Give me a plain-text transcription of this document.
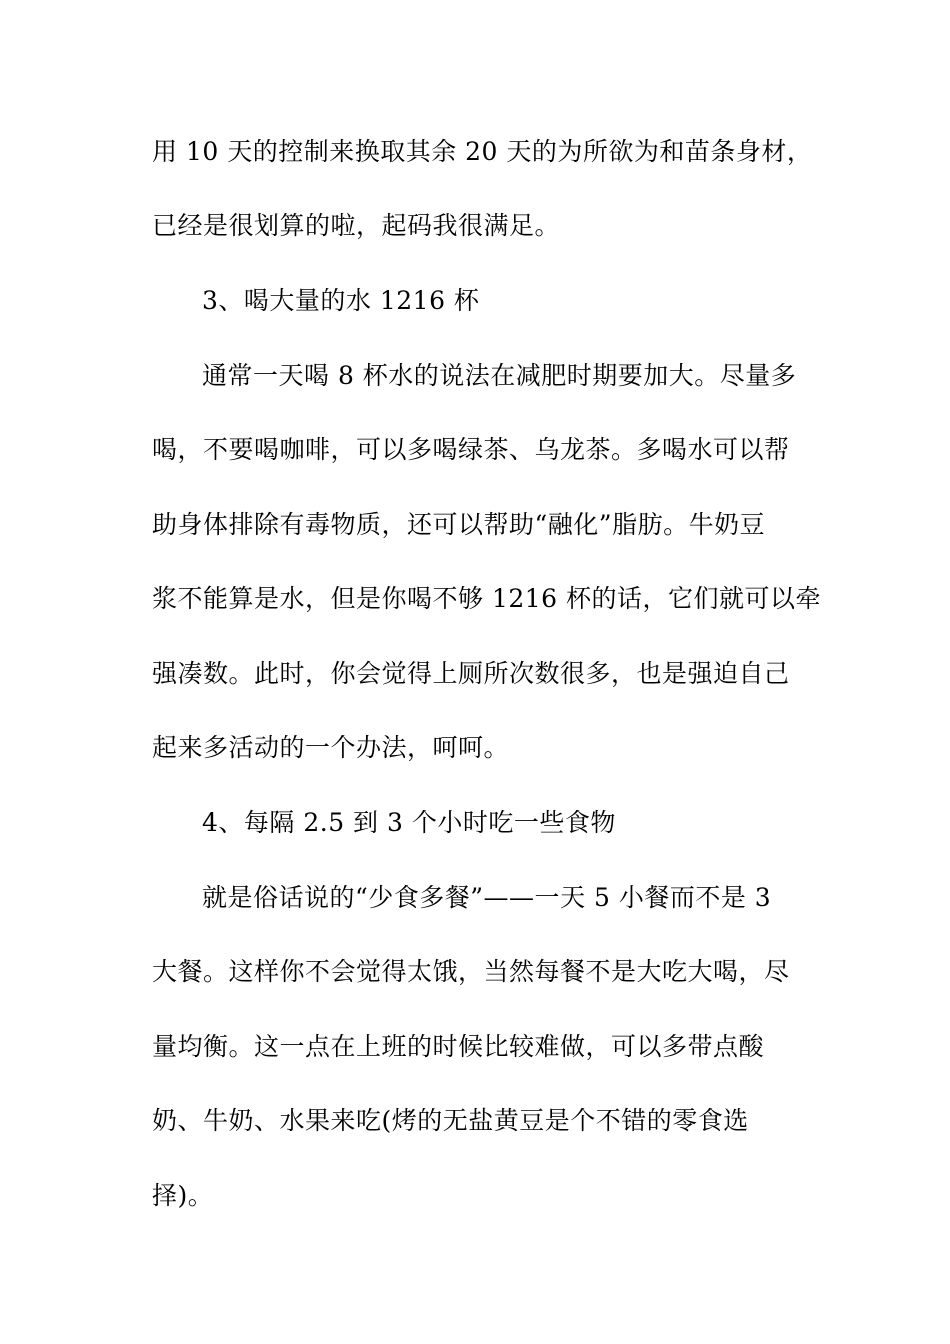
用 10 天的控制来换取其余 20 天的为所欲为和苗条身材，
已经是很划算的啦，起码我很满足。
3、喝大量的水 1216 杯
通常一天喝 8 杯水的说法在减肥时期要加大。尽量多
喝，不要喝咖啡，可以多喝绿茶、乌龙茶。多喝水可以帮
助身体排除有毒物质，还可以帮助“融化”脂肪。牛奶豆
浆不能算是水，但是你喝不够 1216 杯的话，它们就可以牵
强凑数。此时，你会觉得上厕所次数很多，也是强迫自己
起来多活动的一个办法，呵呵。
4、每隔 2.5 到 3 个小时吃一些食物
就是俗话说的“少食多餐”——一天 5 小餐而不是 3
大餐。这样你不会觉得太饿，当然每餐不是大吃大喝，尽
量均衡。这一点在上班的时候比较难做，可以多带点酸
奶、牛奶、水果来吃(烤的无盐黄豆是个不错的零食选
择)。
